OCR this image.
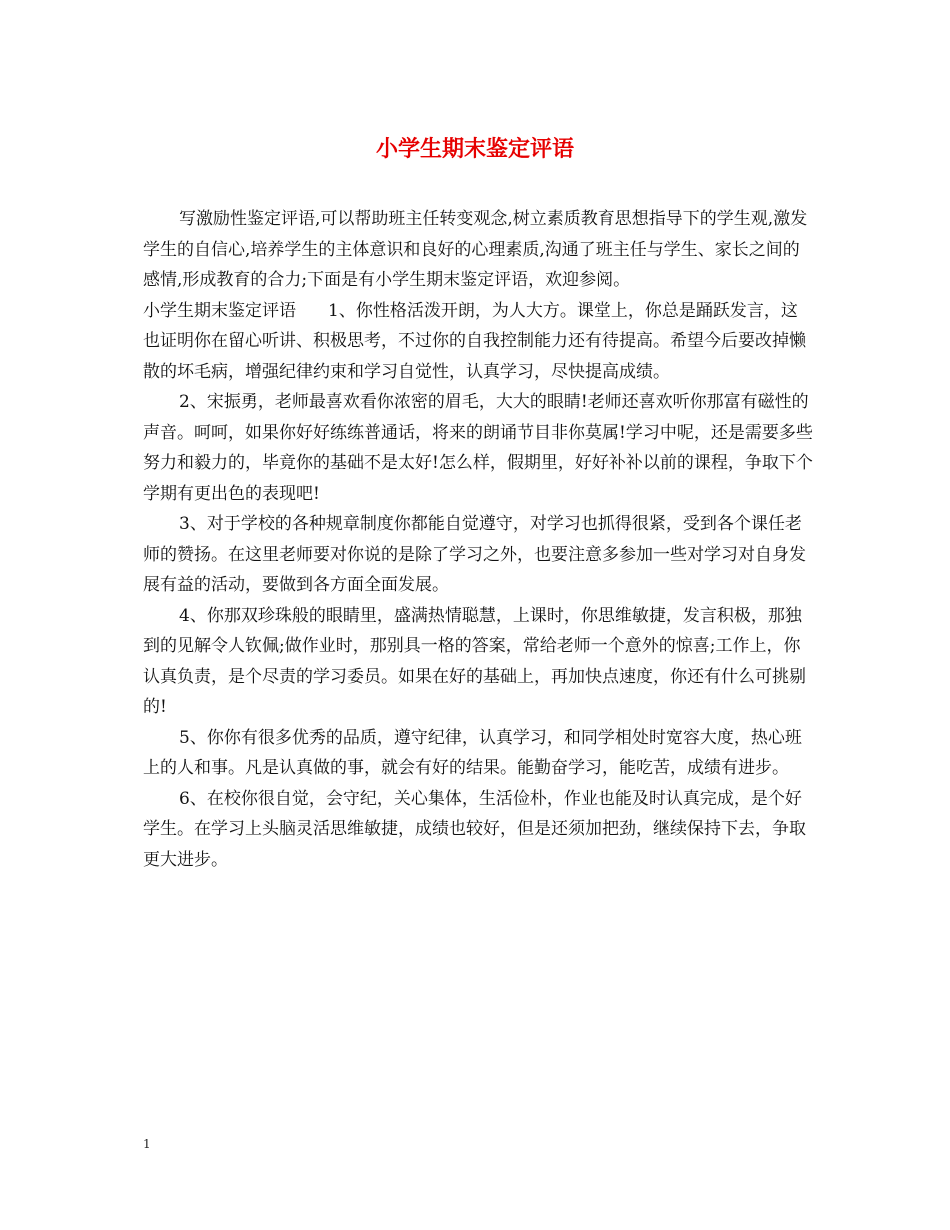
小学生期末鉴定评语

写激励性鉴定评语,可以帮助班主任转变观念,树立素质教育思想指导下的学生观,激发学生的自信心,培养学生的主体意识和良好的心理素质,沟通了班主任与学生、家长之间的感情,形成教育的合力;下面是有小学生期末鉴定评语，欢迎参阅。

小学生期末鉴定评语 1、你性格活泼开朗，为人大方。课堂上，你总是踊跃发言，这也证明你在留心听讲、积极思考，不过你的自我控制能力还有待提高。希望今后要改掉懒散的坏毛病，增强纪律约束和学习自觉性，认真学习，尽快提高成绩。

2、宋振勇，老师最喜欢看你浓密的眉毛，大大的眼睛!老师还喜欢听你那富有磁性的声音。呵呵，如果你好好练练普通话，将来的朗诵节目非你莫属!学习中呢，还是需要多些努力和毅力的，毕竟你的基础不是太好!怎么样，假期里，好好补补以前的课程，争取下个学期有更出色的表现吧!

3、对于学校的各种规章制度你都能自觉遵守，对学习也抓得很紧，受到各个课任老师的赞扬。在这里老师要对你说的是除了学习之外，也要注意多参加一些对学习对自身发展有益的活动，要做到各方面全面发展。

4、你那双珍珠般的眼睛里，盛满热情聪慧，上课时，你思维敏捷，发言积极，那独到的见解令人钦佩;做作业时，那别具一格的答案，常给老师一个意外的惊喜;工作上，你认真负责，是个尽责的学习委员。如果在好的基础上，再加快点速度，你还有什么可挑剔的!

5、你你有很多优秀的品质，遵守纪律，认真学习，和同学相处时宽容大度，热心班上的人和事。凡是认真做的事，就会有好的结果。能勤奋学习，能吃苦，成绩有进步。

6、在校你很自觉，会守纪，关心集体，生活俭朴，作业也能及时认真完成，是个好学生。在学习上头脑灵活思维敏捷，成绩也较好，但是还须加把劲，继续保持下去，争取更大进步。

1
